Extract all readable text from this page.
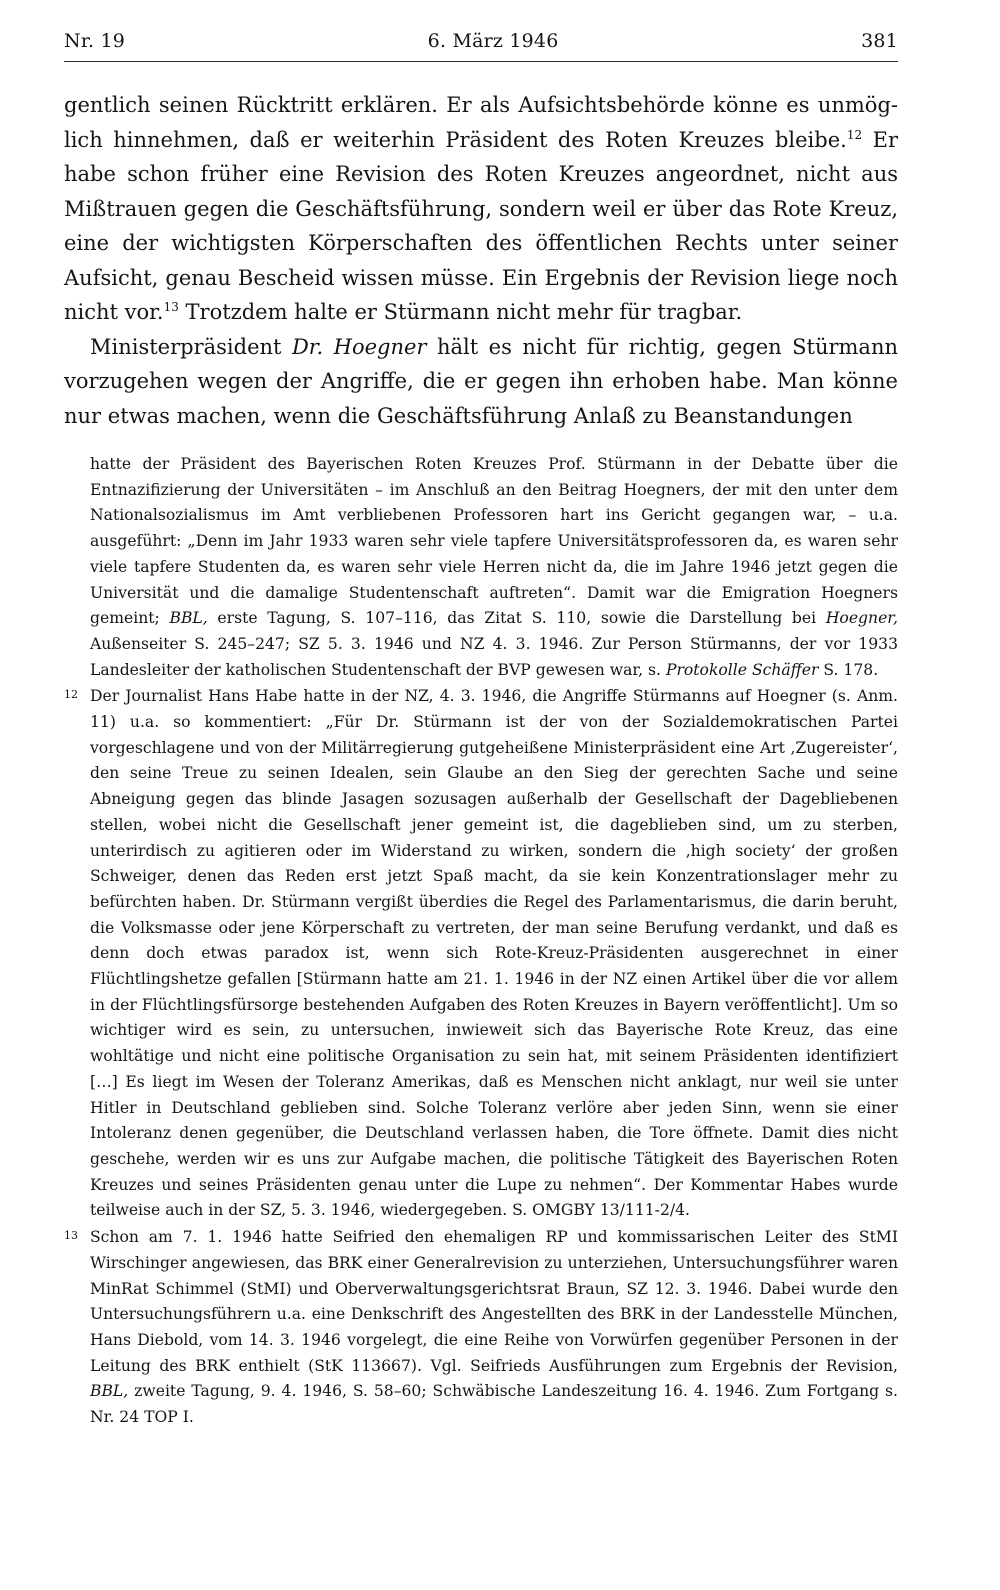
Nr. 19	6. März 1946	381

gentlich seinen Rücktritt erklären. Er als Aufsichtsbehörde könne es unmöglich hinnehmen, daß er weiterhin Präsident des Roten Kreuzes bleibe.$^{12}$ Er habe schon früher eine Revision des Roten Kreuzes angeordnet, nicht aus Mißtrauen gegen die Geschäftsführung, sondern weil er über das Rote Kreuz, eine der wichtigsten Körperschaften des öffentlichen Rechts unter seiner Aufsicht, genau Bescheid wissen müsse. Ein Ergebnis der Revision liege noch nicht vor.$^{13}$ Trotzdem halte er Stürmann nicht mehr für tragbar.

Ministerpräsident Dr. Hoegner hält es nicht für richtig, gegen Stürmann vorzugehen wegen der Angriffe, die er gegen ihn erhoben habe. Man könne nur etwas machen, wenn die Geschäftsführung Anlaß zu Beanstandungen

hatte der Präsident des Bayerischen Roten Kreuzes Prof. Stürmann in der Debatte über die Entnazifizierung der Universitäten – im Anschluß an den Beitrag Hoegners, der mit den unter dem Nationalsozialismus im Amt verbliebenen Professoren hart ins Gericht gegangen war, – u.a. ausgeführt: „Denn im Jahr 1933 waren sehr viele tapfere Universitätsprofessoren da, es waren sehr viele tapfere Studenten da, es waren sehr viele Herren nicht da, die im Jahre 1946 jetzt gegen die Universität und die damalige Studentenschaft auftreten“. Damit war die Emigration Hoegners gemeint; BBL, erste Tagung, S. 107–116, das Zitat S. 110, sowie die Darstellung bei Hoegner, Außenseiter S. 245–247; SZ 5. 3. 1946 und NZ 4. 3. 1946. Zur Person Stürmanns, der vor 1933 Landesleiter der katholischen Studentenschaft der BVP gewesen war, s. Protokolle Schäffer S. 178.

12 Der Journalist Hans Habe hatte in der NZ, 4. 3. 1946, die Angriffe Stürmanns auf Hoegner (s. Anm. 11) u.a. so kommentiert: „Für Dr. Stürmann ist der von der Sozialdemokratischen Partei vorgeschlagene und von der Militärregierung gutgeheißene Ministerpräsident eine Art ‚Zugereister‘, den seine Treue zu seinen Idealen, sein Glaube an den Sieg der gerechten Sache und seine Abneigung gegen das blinde Jasagen sozusagen außerhalb der Gesellschaft der Dagebliebenen stellen, wobei nicht die Gesellschaft jener gemeint ist, die dageblieben sind, um zu sterben, unterirdisch zu agitieren oder im Widerstand zu wirken, sondern die ‚high society‘ der großen Schweiger, denen das Reden erst jetzt Spaß macht, da sie kein Konzentrationslager mehr zu befürchten haben. Dr. Stürmann vergißt überdies die Regel des Parlamentarismus, die darin beruht, die Volksmasse oder jene Körperschaft zu vertreten, der man seine Berufung verdankt, und daß es denn doch etwas paradox ist, wenn sich Rote-Kreuz-Präsidenten ausgerechnet in einer Flüchtlingshetze gefallen [Stürmann hatte am 21. 1. 1946 in der NZ einen Artikel über die vor allem in der Flüchtlingsfürsorge bestehenden Aufgaben des Roten Kreuzes in Bayern veröffentlicht]. Um so wichtiger wird es sein, zu untersuchen, inwieweit sich das Bayerische Rote Kreuz, das eine wohltätige und nicht eine politische Organisation zu sein hat, mit seinem Präsidenten identifiziert […] Es liegt im Wesen der Toleranz Amerikas, daß es Menschen nicht anklagt, nur weil sie unter Hitler in Deutschland geblieben sind. Solche Toleranz verlöre aber jeden Sinn, wenn sie einer Intoleranz denen gegenüber, die Deutschland verlassen haben, die Tore öffnete. Damit dies nicht geschehe, werden wir es uns zur Aufgabe machen, die politische Tätigkeit des Bayerischen Roten Kreuzes und seines Präsidenten genau unter die Lupe zu nehmen“. Der Kommentar Habes wurde teilweise auch in der SZ, 5. 3. 1946, wiedergegeben. S. OMGBY 13/111-2/4.

13 Schon am 7. 1. 1946 hatte Seifried den ehemaligen RP und kommissarischen Leiter des StMI Wirschinger angewiesen, das BRK einer Generalrevision zu unterziehen, Untersuchungsführer waren MinRat Schimmel (StMI) und Oberverwaltungsgerichtsrat Braun, SZ 12. 3. 1946. Dabei wurde den Untersuchungsführern u.a. eine Denkschrift des Angestellten des BRK in der Landesstelle München, Hans Diebold, vom 14. 3. 1946 vorgelegt, die eine Reihe von Vorwürfen gegenüber Personen in der Leitung des BRK enthielt (StK 113667). Vgl. Seifrieds Ausführungen zum Ergebnis der Revision, BBL, zweite Tagung, 9. 4. 1946, S. 58–60; Schwäbische Landeszeitung 16. 4. 1946. Zum Fortgang s. Nr. 24 TOP I.
